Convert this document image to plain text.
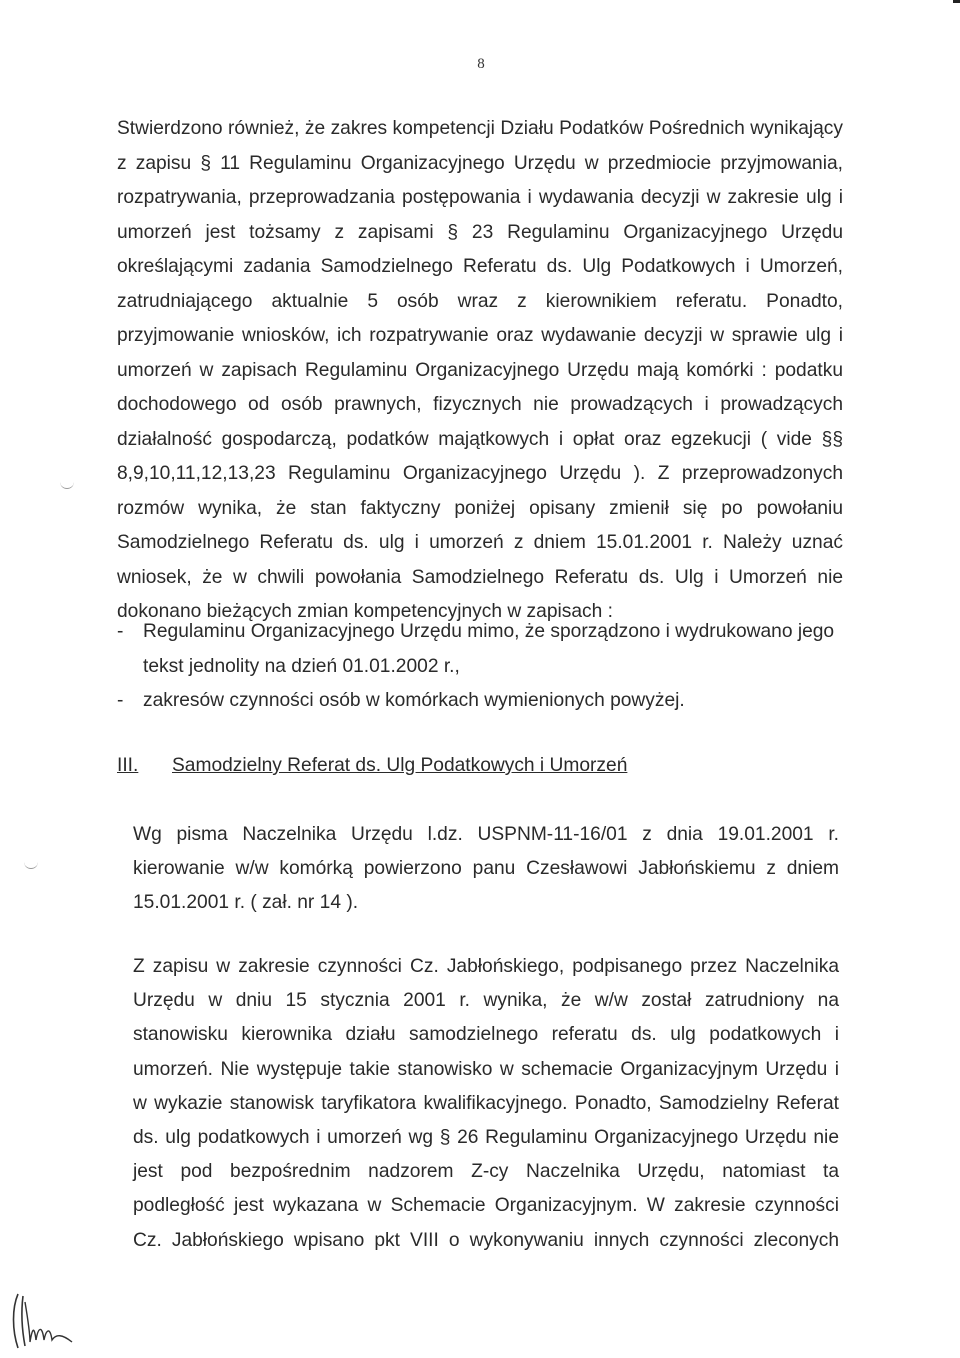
8
Stwierdzono również, że zakres kompetencji Działu Podatków Pośrednich wynikający
z zapisu § 11 Regulaminu Organizacyjnego Urzędu w przedmiocie przyjmowania,
rozpatrywania, przeprowadzania postępowania i wydawania decyzji w zakresie ulg i
umorzeń jest tożsamy z zapisami § 23 Regulaminu Organizacyjnego Urzędu
określającymi zadania Samodzielnego Referatu ds. Ulg Podatkowych i Umorzeń,
zatrudniającego aktualnie 5 osób wraz z kierownikiem referatu. Ponadto,
przyjmowanie wniosków, ich rozpatrywanie oraz wydawanie decyzji w sprawie ulg i
umorzeń w zapisach Regulaminu Organizacyjnego Urzędu mają komórki : podatku
dochodowego od osób prawnych, fizycznych nie prowadzących i prowadzących
działalność gospodarczą, podatków majątkowych i opłat oraz egzekucji ( vide §§
8,9,10,11,12,13,23 Regulaminu Organizacyjnego Urzędu ). Z przeprowadzonych
rozmów wynika, że stan faktyczny poniżej opisany zmienił się po powołaniu
Samodzielnego Referatu ds. ulg i umorzeń z dniem 15.01.2001 r. Należy uznać
wniosek, że w chwili powołania Samodzielnego Referatu ds. Ulg i Umorzeń nie
dokonano bieżących zmian kompetencyjnych w zapisach :
- Regulaminu Organizacyjnego Urzędu mimo, że sporządzono i wydrukowano jego
tekst jednolity na dzień 01.01.2002 r.,
- zakresów czynności osób w komórkach wymienionych powyżej.
III. Samodzielny Referat ds. Ulg Podatkowych i Umorzeń
Wg pisma Naczelnika Urzędu l.dz. USPNM-11-16/01 z dnia 19.01.2001 r.
kierowanie w/w komórką powierzono panu Czesławowi Jabłońskiemu z dniem
15.01.2001 r. ( zał. nr 14 ).
Z zapisu w zakresie czynności Cz. Jabłońskiego, podpisanego przez Naczelnika
Urzędu w dniu 15 stycznia 2001 r. wynika, że w/w został zatrudniony na
stanowisku kierownika działu samodzielnego referatu ds. ulg podatkowych i
umorzeń. Nie występuje takie stanowisko w schemacie Organizacyjnym Urzędu i
w wykazie stanowisk taryfikatora kwalifikacyjnego. Ponadto, Samodzielny Referat
ds. ulg podatkowych i umorzeń wg § 26 Regulaminu Organizacyjnego Urzędu nie
jest pod bezpośrednim nadzorem Z-cy Naczelnika Urzędu, natomiast ta
podległość jest wykazana w Schemacie Organizacyjnym. W zakresie czynności
Cz. Jabłońskiego wpisano pkt VIII o wykonywaniu innych czynności zleconych
